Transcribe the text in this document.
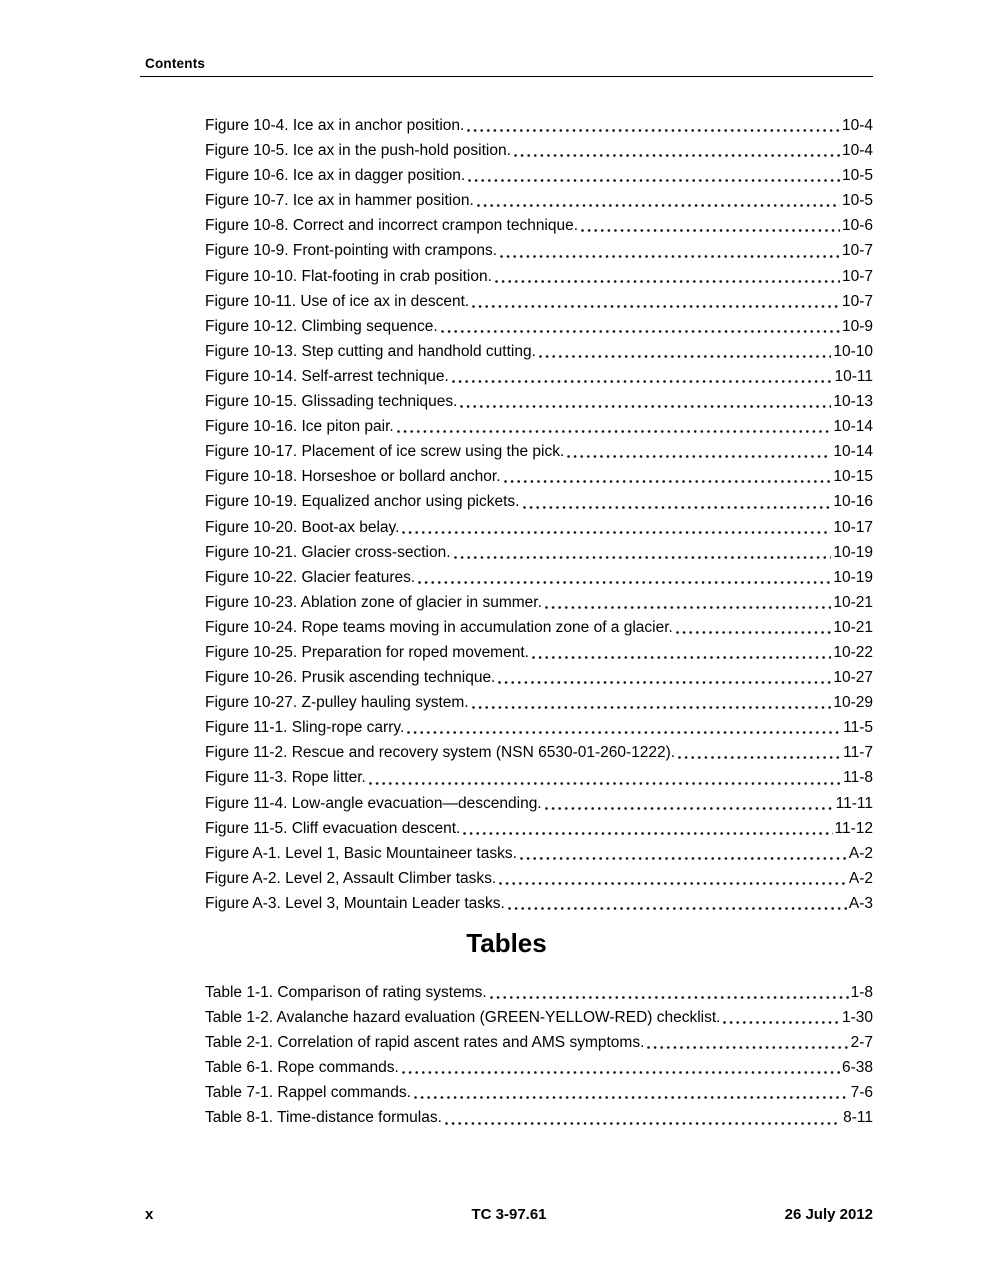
Contents
Figure 10-4. Ice ax in anchor position.	10-4
Figure 10-5. Ice ax in the push-hold position.	10-4
Figure 10-6. Ice ax in dagger position.	10-5
Figure 10-7. Ice ax in hammer position.	10-5
Figure 10-8. Correct and incorrect crampon technique.	10-6
Figure 10-9. Front-pointing with crampons.	10-7
Figure 10-10. Flat-footing in crab position.	10-7
Figure 10-11. Use of ice ax in descent.	10-7
Figure 10-12. Climbing sequence.	10-9
Figure 10-13. Step cutting and handhold cutting.	10-10
Figure 10-14. Self-arrest technique.	10-11
Figure 10-15. Glissading techniques.	10-13
Figure 10-16. Ice piton pair.	10-14
Figure 10-17. Placement of ice screw using the pick.	10-14
Figure 10-18. Horseshoe or bollard anchor.	10-15
Figure 10-19. Equalized anchor using pickets.	10-16
Figure 10-20. Boot-ax belay.	10-17
Figure 10-21. Glacier cross-section.	10-19
Figure 10-22. Glacier features.	10-19
Figure 10-23. Ablation zone of glacier in summer.	10-21
Figure 10-24. Rope teams moving in accumulation zone of a glacier.	10-21
Figure 10-25. Preparation for roped movement.	10-22
Figure 10-26. Prusik ascending technique.	10-27
Figure 10-27. Z-pulley hauling system.	10-29
Figure 11-1. Sling-rope carry.	11-5
Figure 11-2. Rescue and recovery system (NSN 6530-01-260-1222).	11-7
Figure 11-3. Rope litter.	11-8
Figure 11-4. Low-angle evacuation—descending.	11-11
Figure 11-5. Cliff evacuation descent.	11-12
Figure A-1. Level 1, Basic Mountaineer tasks.	A-2
Figure A-2. Level 2, Assault Climber tasks.	A-2
Figure A-3. Level 3, Mountain Leader tasks.	A-3
Tables
Table 1-1. Comparison of rating systems.	1-8
Table 1-2. Avalanche hazard evaluation (GREEN-YELLOW-RED) checklist.	1-30
Table 2-1. Correlation of rapid ascent rates and AMS symptoms.	2-7
Table 6-1. Rope commands.	6-38
Table 7-1. Rappel commands.	7-6
Table 8-1. Time-distance formulas.	8-11
x	TC 3-97.61	26 July 2012
